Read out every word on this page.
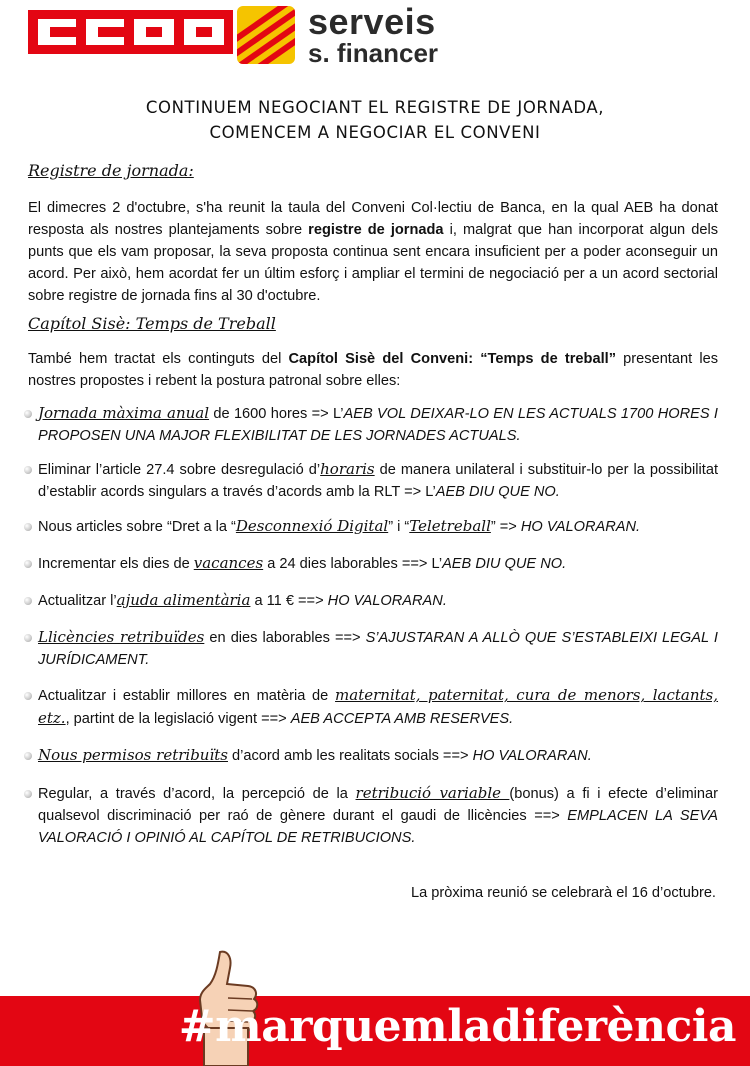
serveis
s. financer
CONTINUEM NEGOCIANT EL REGISTRE DE JORNADA,
COMENCEM A NEGOCIAR EL CONVENI
Registre de jornada:
El dimecres 2 d'octubre, s'ha reunit la taula del Conveni Col·lectiu de Banca, en la qual AEB ha donat resposta als nostres plantejaments sobre registre de jornada i, malgrat que han incorporat algun dels punts que els vam proposar, la seva proposta continua sent encara insuficient per a poder aconseguir un acord. Per això, hem acordat fer un últim esforç i ampliar el termini de negociació per a un acord sectorial sobre registre de jornada fins al 30 d'octubre.
Capítol Sisè: Temps de Treball
També hem tractat els continguts del Capítol Sisè del Conveni: “Temps de treball” presentant les nostres propostes i rebent la postura patronal sobre elles:
Jornada màxima anual de 1600 hores => L’AEB VOL DEIXAR-LO EN LES ACTUALS 1700 HORES I PROPOSEN UNA MAJOR FLEXIBILITAT DE LES JORNADES ACTUALS.
Eliminar l’article 27.4 sobre desregulació d’horaris de manera unilateral i substituir-lo per la possibilitat d’establir acords singulars a través d’acords amb la RLT => L’AEB DIU QUE NO.
Nous articles sobre “Dret a la “Desconnexió Digital” i “Teletreball” => HO VALORARAN.
Incrementar els dies de vacances a 24 dies laborables ==> L’AEB DIU QUE NO.
Actualitzar l’ajuda alimentària a 11 € ==> HO VALORARAN.
Llicències retribuïdes en dies laborables ==> S’AJUSTARAN A ALLÒ QUE S’ESTABLEIXI LEGAL I JURÍDICAMENT.
Actualitzar i establir millores en matèria de maternitat, paternitat, cura de menors, lactants, etz., partint de la legislació vigent ==> AEB ACCEPTA AMB RESERVES.
Nous permisos retribuïts d’acord amb les realitats socials ==> HO VALORARAN.
Regular, a través d’acord, la percepció de la retribució variable (bonus) a fi i efecte d’eliminar qualsevol discriminació per raó de gènere durant el gaudi de llicències ==> EMPLACEN LA SEVA VALORACIÓ I OPINIÓ AL CAPÍTOL DE RETRIBUCIONS.
La pròxima reunió se celebrarà el 16 d’octubre.
#marquemladiferència
